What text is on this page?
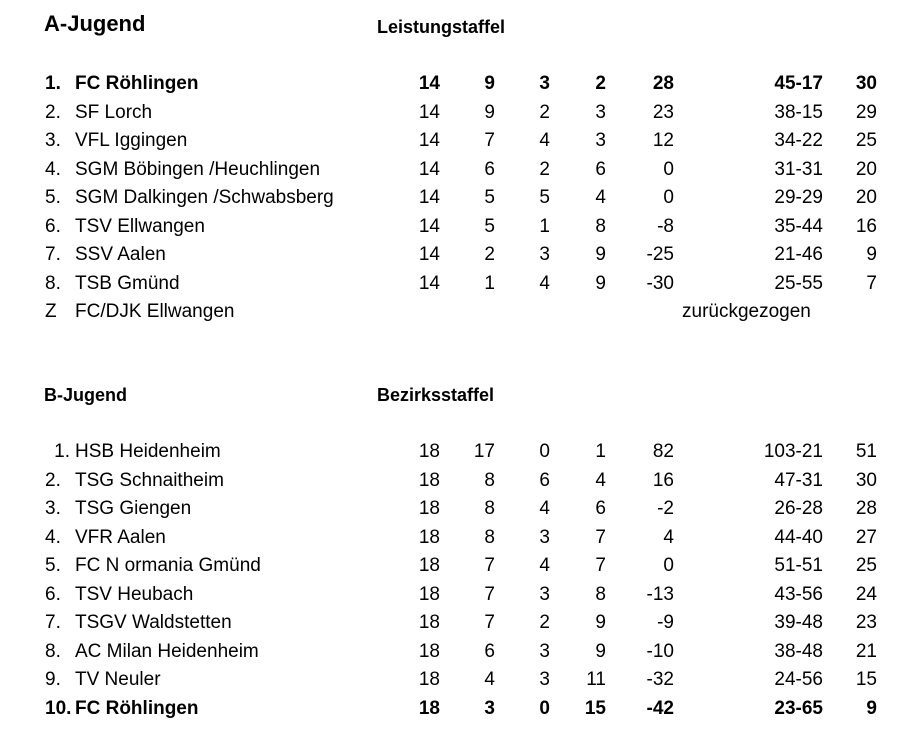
A-Jugend	Leistungstaffel
1. FC Röhlingen	14	9	3	2	28	45-17	30
2. SF Lorch	14	9	2	3	23	38-15	29
3. VFL Iggingen	14	7	4	3	12	34-22	25
4. SGM Böbingen /Heuchlingen	14	6	2	6	0	31-31	20
5. SGM Dalkingen /Schwabsberg	14	5	5	4	0	29-29	20
6. TSV Ellwangen	14	5	1	8	-8	35-44	16
7. SSV Aalen	14	2	3	9	-25	21-46	9
8. TSB Gmünd	14	1	4	9	-30	25-55	7
Z FC/DJK Ellwangen	zurückgezogen
B-Jugend	Bezirksstaffel
1. HSB Heidenheim	18	17	0	1	82	103-21	51
2. TSG Schnaitheim	18	8	6	4	16	47-31	30
3. TSG Giengen	18	8	4	6	-2	26-28	28
4. VFR Aalen	18	8	3	7	4	44-40	27
5. FC N ormania Gmünd	18	7	4	7	0	51-51	25
6. TSV Heubach	18	7	3	8	-13	43-56	24
7. TSGV Waldstetten	18	7	2	9	-9	39-48	23
8. AC Milan Heidenheim	18	6	3	9	-10	38-48	21
9. TV Neuler	18	4	3	11	-32	24-56	15
10. FC Röhlingen	18	3	0	15	-42	23-65	9
